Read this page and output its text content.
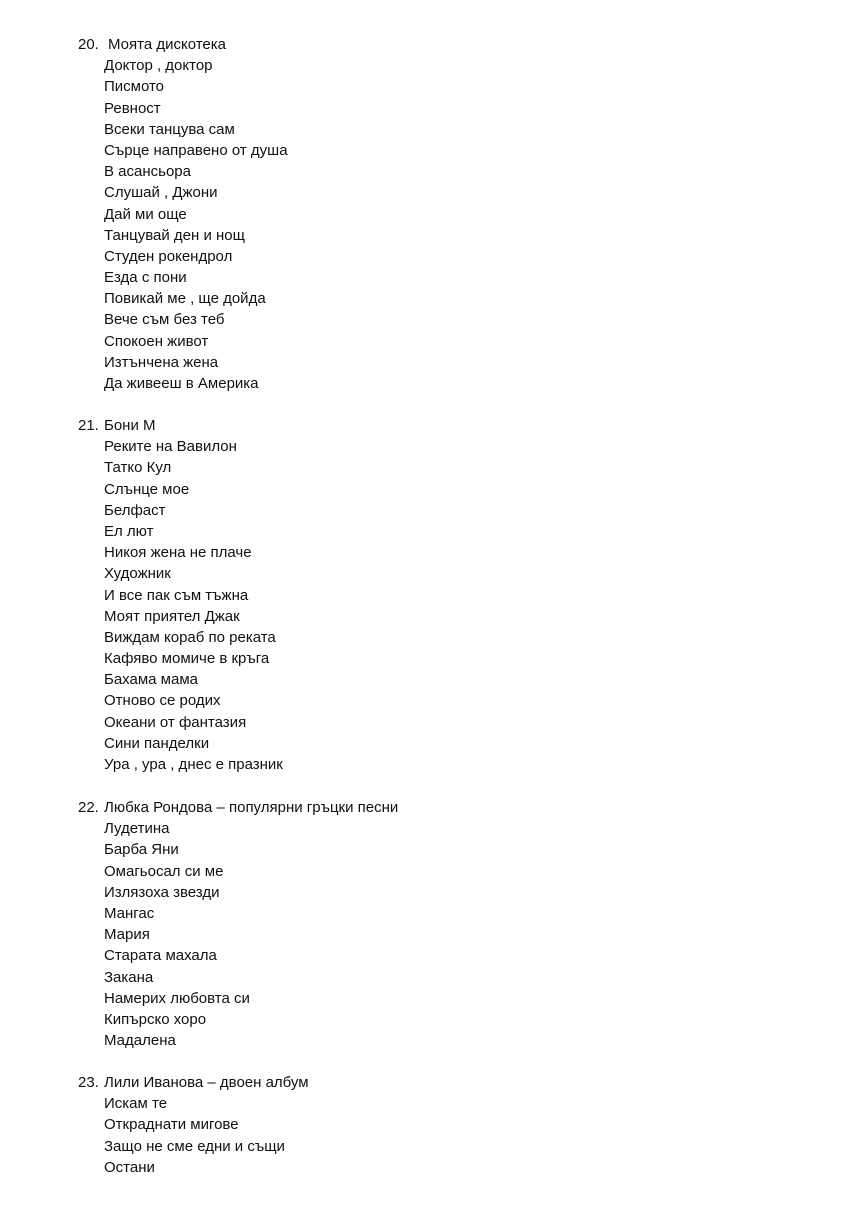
20. Моята дискотека
Доктор , доктор
Писмото
Ревност
Всеки танцува сам
Сърце направено от душа
В асансьора
Слушай , Джони
Дай ми още
Танцувай ден и нощ
Студен рокендрол
Езда с пони
Повикай ме , ще дойда
Вече съм без теб
Спокоен живот
Изтънчена жена
Да живееш в Америка
21. Бони М
Реките на Вавилон
Татко Кул
Слънце мое
Белфаст
Ел лют
Никоя жена не плаче
Художник
И все пак съм тъжна
Моят приятел Джак
Виждам кораб по реката
Кафяво момиче в кръга
Бахама мама
Отново се родих
Океани от фантазия
Сини панделки
Ура , ура , днес е празник
22. Любка Рондова – популярни гръцки песни
Лудетина
Барба Яни
Омагьосал си ме
Излязоха звезди
Мангас
Мария
Старата махала
Закана
Намерих любовта си
Кипърско хоро
Мадалена
23. Лили Иванова – двоен албум
Искам те
Откраднати мигове
Защо не сме едни и същи
Остани
